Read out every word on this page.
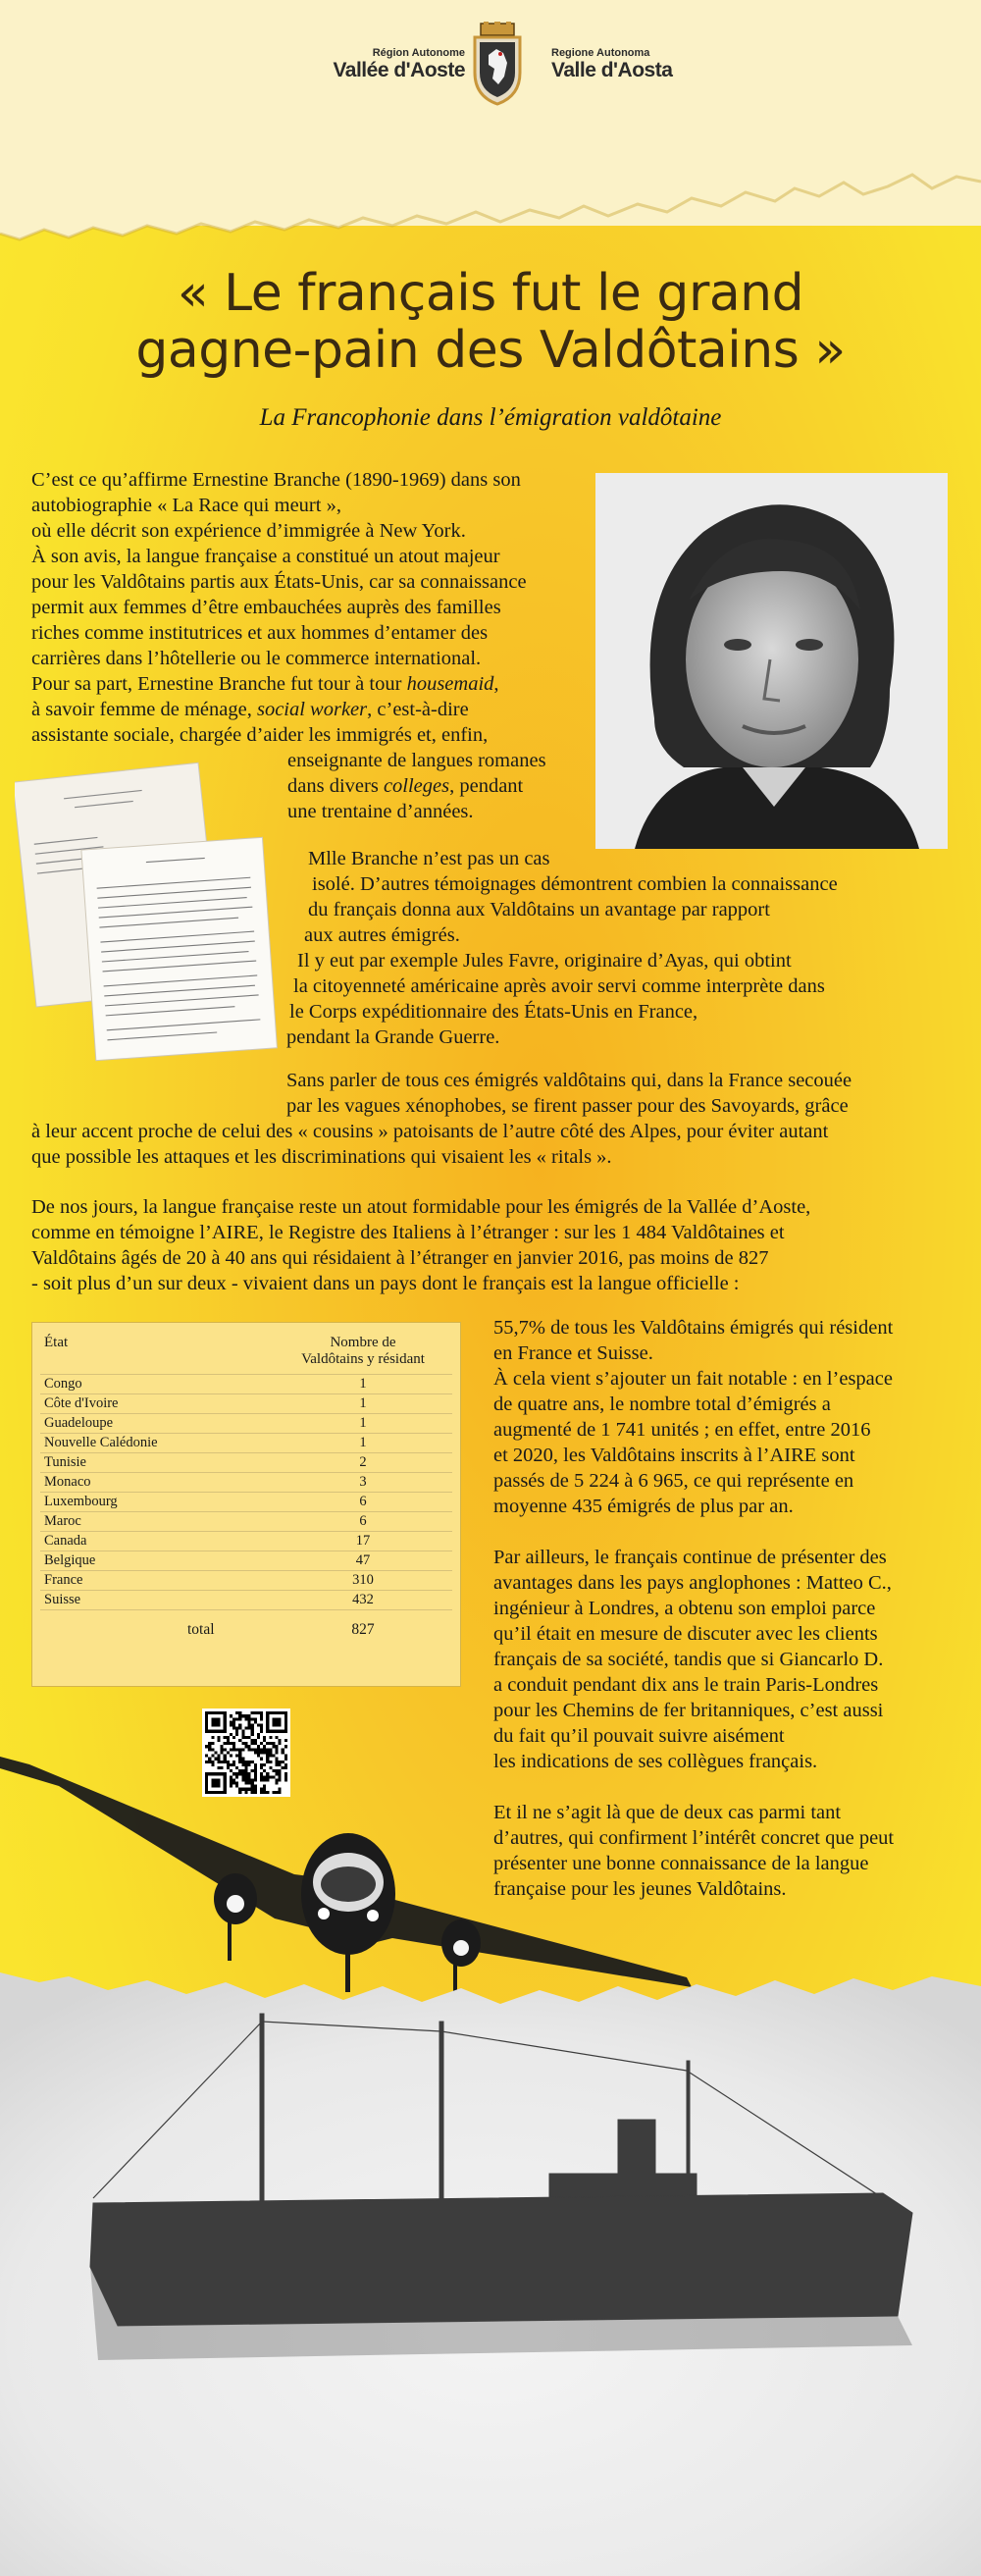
Région Autonome
Vallée d'Aoste
Regione Autonoma
Valle d'Aosta
« Le français fut le grand
gagne-pain des Valdôtains »
La Francophonie dans l’émigration valdôtaine
C’est ce qu’affirme Ernestine Branche (1890-1969) dans son
autobiographie « La Race qui meurt »,
où elle décrit son expérience d’immigrée à New York.
À son avis, la langue française a constitué un atout majeur
pour les Valdôtains partis aux États-Unis, car sa connaissance
permit aux femmes d’être embauchées auprès des familles
riches comme institutrices et aux hommes d’entamer des
carrières dans l’hôtellerie ou le commerce international.
Pour sa part, Ernestine Branche fut tour à tour housemaid,
à savoir femme de ménage, social worker, c’est-à-dire
assistante sociale, chargée d’aider les immigrés et, enfin,
enseignante de langues romanes
dans divers colleges, pendant
une trentaine d’années.
Mlle Branche n’est pas un cas
isolé. D’autres témoignages démontrent combien la connaissance
du français donna aux Valdôtains un avantage par rapport
aux autres émigrés.
Il y eut par exemple Jules Favre, originaire d’Ayas, qui obtint
la citoyenneté américaine après avoir servi comme interprète dans
le Corps expéditionnaire des États-Unis en France,
pendant la Grande Guerre.
Sans parler de tous ces émigrés valdôtains qui, dans la France secouée
par les vagues xénophobes, se firent passer pour des Savoyards, grâce
à leur accent proche de celui des « cousins » patoisants de l’autre côté des Alpes, pour éviter autant
que possible les attaques et les discriminations qui visaient les « ritals ».
De nos jours, la langue française reste un atout formidable pour les émigrés de la Vallée d’Aoste,
comme en témoigne l’AIRE, le Registre des Italiens à l’étranger : sur les 1 484 Valdôtaines et
Valdôtains âgés de 20 à 40 ans qui résidaient à l’étranger en janvier 2016, pas moins de 827
- soit plus d’un sur deux - vivaient dans un pays dont le français est la langue officielle :
État	Nombre de
Valdôtains y résidant

Congo	1
Côte d'Ivoire	1
Guadeloupe	1
Nouvelle Calédonie	1
Tunisie	2
Monaco	3
Luxembourg	6
Maroc	6
Canada	17
Belgique	47
France	310
Suisse	432
total	827
55,7% de tous les Valdôtains émigrés qui résident
en France et Suisse.
À cela vient s’ajouter un fait notable : en l’espace
de quatre ans, le nombre total d’émigrés a
augmenté de 1 741 unités ; en effet, entre 2016
et 2020, les Valdôtains inscrits à l’AIRE sont
passés de 5 224 à 6 965, ce qui représente en
moyenne 435 émigrés de plus par an.
Par ailleurs, le français continue de présenter des
avantages dans les pays anglophones : Matteo C.,
ingénieur à Londres, a obtenu son emploi parce
qu’il était en mesure de discuter avec les clients
français de sa société, tandis que si Giancarlo D.
a conduit pendant dix ans le train Paris-Londres
pour les Chemins de fer britanniques, c’est aussi
du fait qu’il pouvait suivre aisément
les indications de ses collègues français.
Et il ne s’agit là que de deux cas parmi tant
d’autres, qui confirment l’intérêt concret que peut
présenter une bonne connaissance de la langue
française pour les jeunes Valdôtains.
